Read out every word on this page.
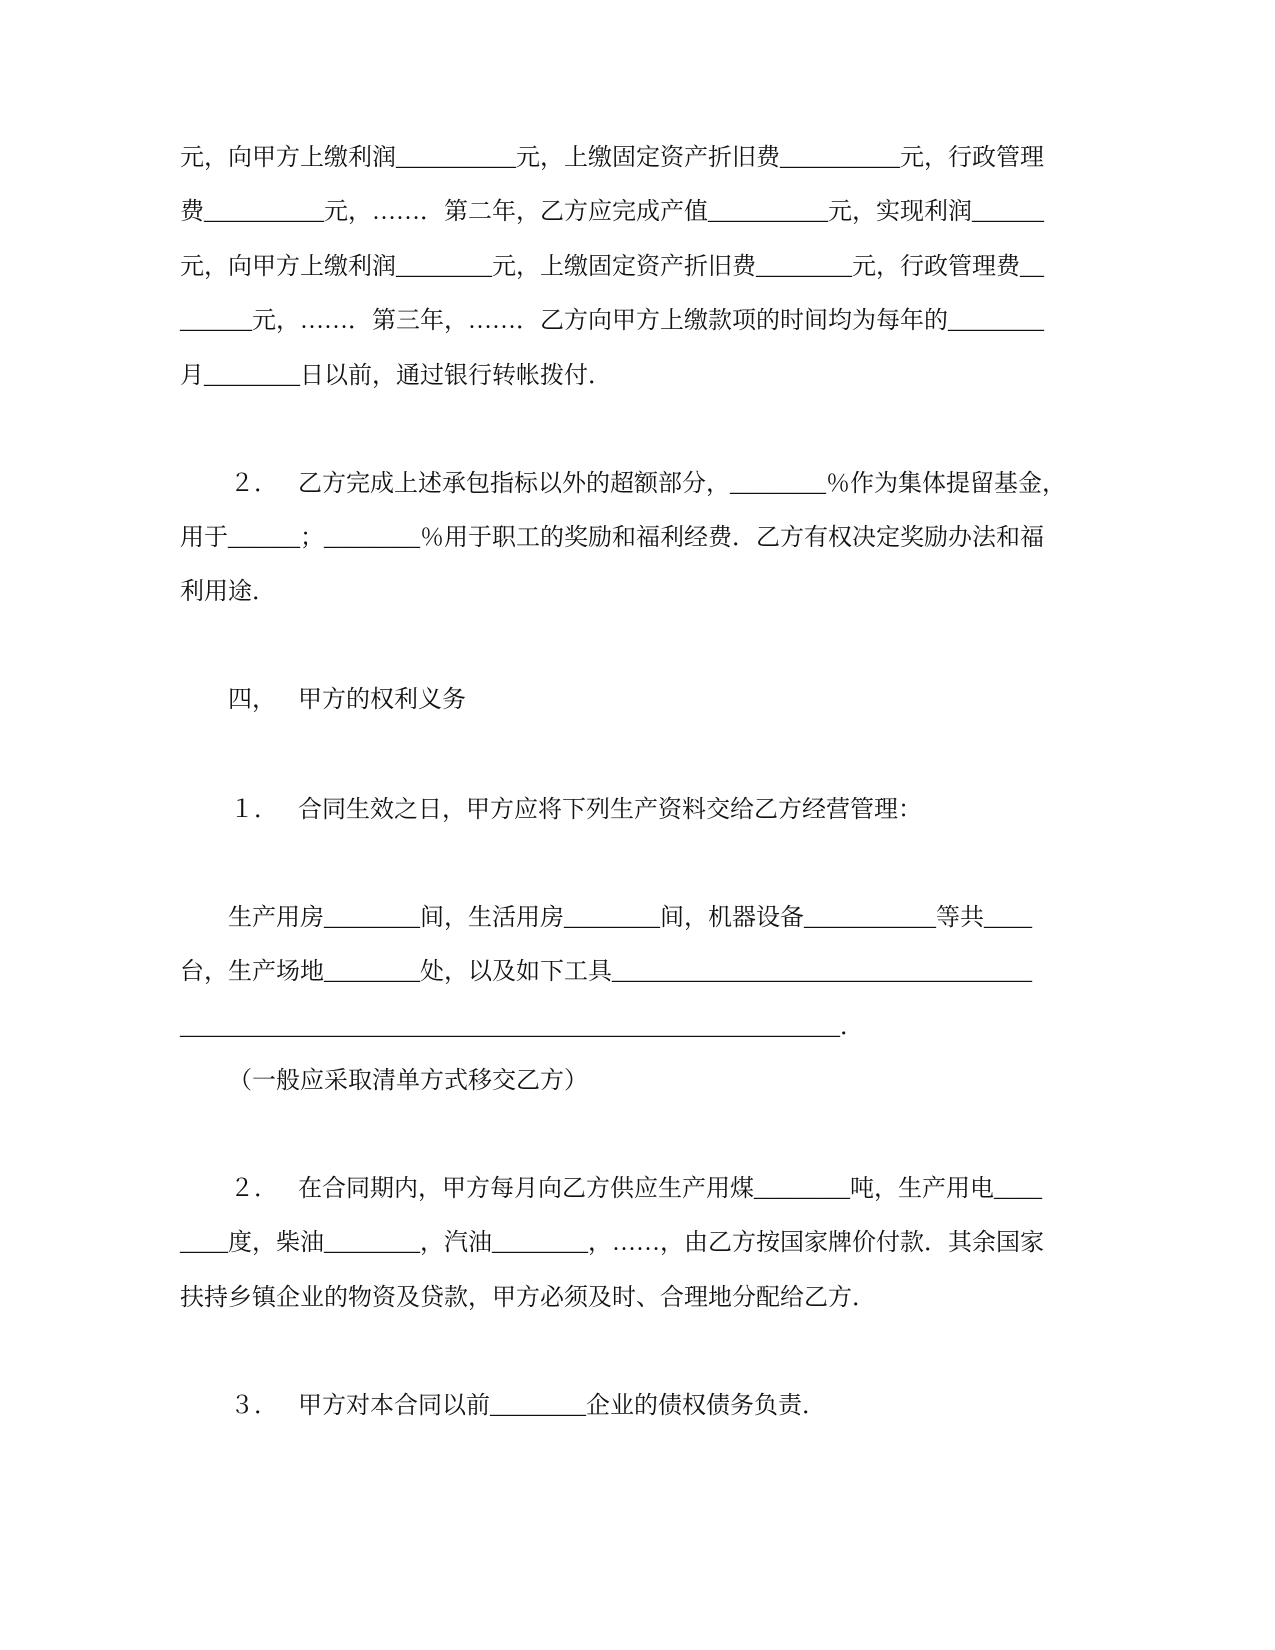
元，向甲方上缴利润__________元，上缴固定资产折旧费__________元，行政管理
费__________元，……．第二年，乙方应完成产值__________元，实现利润______
元，向甲方上缴利润________元，上缴固定资产折旧费________元，行政管理费__
______元，……．第三年，……．乙方向甲方上缴款项的时间均为每年的________
月________日以前，通过银行转帐拨付．
２． 乙方完成上述承包指标以外的超额部分，________％作为集体提留基金，
用于______；________％用于职工的奖励和福利经费．乙方有权决定奖励办法和福
利用途．
四， 甲方的权利义务
１． 合同生效之日，甲方应将下列生产资料交给乙方经营管理：
生产用房________间，生活用房________间，机器设备___________等共____
台，生产场地________处，以及如下工具___________________________________
_______________________________________________________．
（一般应采取清单方式移交乙方）
２． 在合同期内，甲方每月向乙方供应生产用煤________吨，生产用电____
____度，柴油________，汽油________，……，由乙方按国家牌价付款．其余国家
扶持乡镇企业的物资及贷款，甲方必须及时、合理地分配给乙方．
３． 甲方对本合同以前________企业的债权债务负责．
